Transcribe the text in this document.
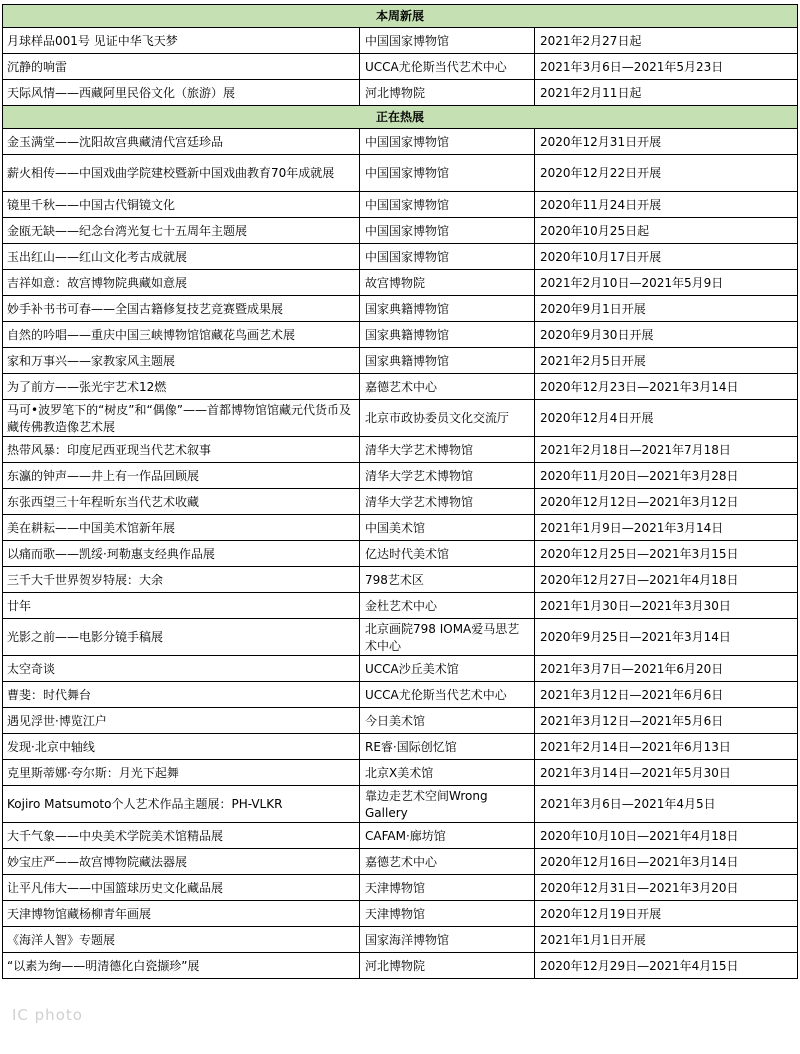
本周新展		
月球样品001号 见证中华飞天梦	中国国家博物馆	2021年2月27日起
沉静的响雷	UCCA尤伦斯当代艺术中心	2021年3月6日—2021年5月23日
天际风情——西藏阿里民俗文化（旅游）展	河北博物院	2021年2月11日起
正在热展		
金玉满堂——沈阳故宫典藏清代宫廷珍品	中国国家博物馆	2020年12月31日开展
薪火相传——中国戏曲学院建校暨新中国戏曲教育70年成就展	中国国家博物馆	2020年12月22日开展
镜里千秋——中国古代铜镜文化	中国国家博物馆	2020年11月24日开展
金瓯无缺——纪念台湾光复七十五周年主题展	中国国家博物馆	2020年10月25日起
玉出红山——红山文化考古成就展	中国国家博物馆	2020年10月17日开展
吉祥如意：故宫博物院典藏如意展	故宫博物院	2021年2月10日—2021年5月9日
妙手补书书可春——全国古籍修复技艺竞赛暨成果展	国家典籍博物馆	2020年9月1日开展
自然的吟唱——重庆中国三峡博物馆馆藏花鸟画艺术展	国家典籍博物馆	2020年9月30日开展
家和万事兴——家教家风主题展	国家典籍博物馆	2021年2月5日开展
为了前方——张光宇艺术12燃	嘉德艺术中心	2020年12月23日—2021年3月14日
马可•波罗笔下的“树皮”和“偶像”——首都博物馆馆藏元代货币及藏传佛教造像艺术展	北京市政协委员文化交流厅	2020年12月4日开展
热带风暴：印度尼西亚现当代艺术叙事	清华大学艺术博物馆	2021年2月18日—2021年7月18日
东瀛的钟声——井上有一作品回顾展	清华大学艺术博物馆	2020年11月20日—2021年3月28日
东张西望三十年程昕东当代艺术收藏	清华大学艺术博物馆	2020年12月12日—2021年3月12日
美在耕耘——中国美术馆新年展	中国美术馆	2021年1月9日—2021年3月14日
以痛而歌——凯绥·珂勒惠支经典作品展	亿达时代美术馆	2020年12月25日—2021年3月15日
三千大千世界贺岁特展：大余	798艺术区	2020年12月27日—2021年4月18日
廿年	金杜艺术中心	2021年1月30日—2021年3月30日
光影之前——电影分镜手稿展	北京画院798 IOMA爱马思艺术中心	2020年9月25日—2021年3月14日
太空奇谈	UCCA沙丘美术馆	2021年3月7日—2021年6月20日
曹斐：时代舞台	UCCA尤伦斯当代艺术中心	2021年3月12日—2021年6月6日
遇见浮世·博览江户	今日美术馆	2021年3月12日—2021年5月6日
发现·北京中轴线	RE睿·国际创忆馆	2021年2月14日—2021年6月13日
克里斯蒂娜·夸尔斯：月光下起舞	北京X美术馆	2021年3月14日—2021年5月30日
Kojiro Matsumoto个人艺术作品主题展：PH-VLKR	靠边走艺术空间Wrong Gallery	2021年3月6日—2021年4月5日
大千气象——中央美术学院美术馆精品展	CAFAM·廊坊馆	2020年10月10日—2021年4月18日
妙宝庄严——故宫博物院藏法器展	嘉德艺术中心	2020年12月16日—2021年3月14日
让平凡伟大——中国篮球历史文化藏品展	天津博物馆	2020年12月31日—2021年3月20日
天津博物馆藏杨柳青年画展	天津博物馆	2020年12月19日开展
《海洋人智》专题展	国家海洋博物馆	2021年1月1日开展
“以素为绚——明清德化白瓷撷珍”展	河北博物院	2020年12月29日—2021年4月15日
IC photo
